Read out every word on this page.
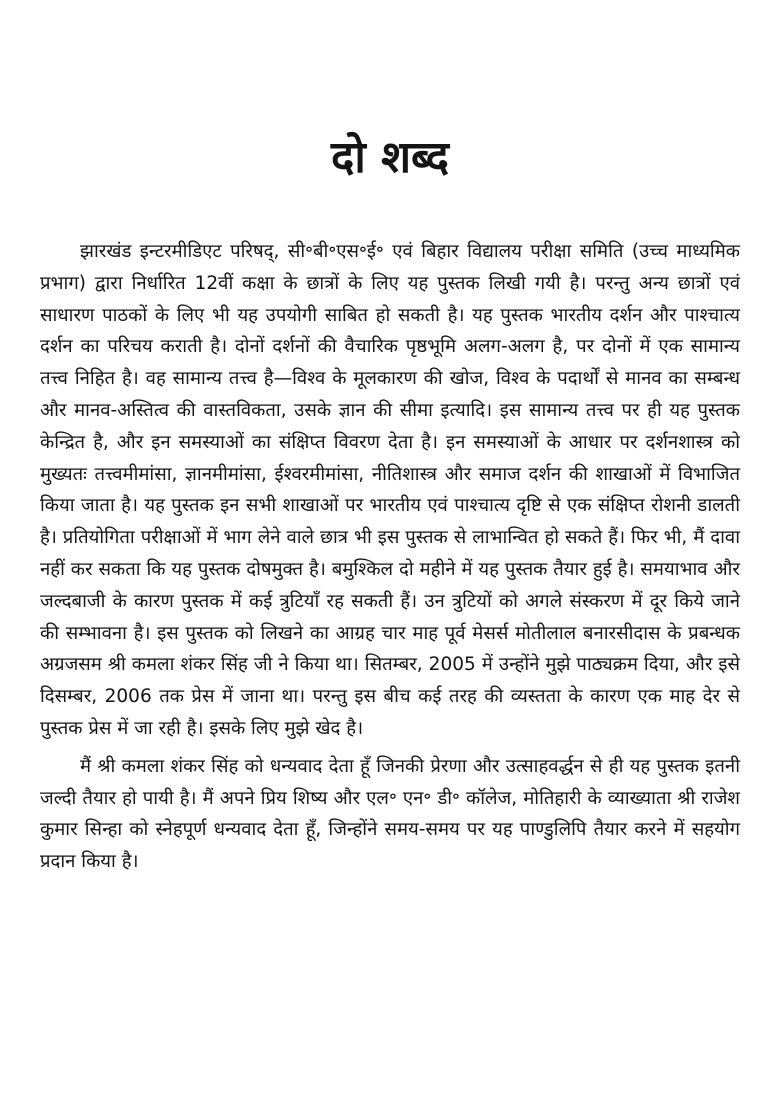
दो शब्द

झारखंड इन्टरमीडिएट परिषद्, सी॰बी॰एस॰ई॰ एवं बिहार विद्यालय परीक्षा समिति (उच्च माध्यमिक प्रभाग) द्वारा निर्धारित 12वीं कक्षा के छात्रों के लिए यह पुस्तक लिखी गयी है। परन्तु अन्य छात्रों एवं साधारण पाठकों के लिए भी यह उपयोगी साबित हो सकती है। यह पुस्तक भारतीय दर्शन और पाश्चात्य दर्शन का परिचय कराती है। दोनों दर्शनों की वैचारिक पृष्ठभूमि अलग-अलग है, पर दोनों में एक सामान्य तत्त्व निहित है। वह सामान्य तत्त्व है—विश्व के मूलकारण की खोज, विश्व के पदार्थों से मानव का सम्बन्ध और मानव-अस्तित्व की वास्तविकता, उसके ज्ञान की सीमा इत्यादि। इस सामान्य तत्त्व पर ही यह पुस्तक केन्द्रित है, और इन समस्याओं का संक्षिप्त विवरण देता है। इन समस्याओं के आधार पर दर्शनशास्त्र को मुख्यतः तत्त्वमीमांसा, ज्ञानमीमांसा, ईश्वरमीमांसा, नीतिशास्त्र और समाज दर्शन की शाखाओं में विभाजित किया जाता है। यह पुस्तक इन सभी शाखाओं पर भारतीय एवं पाश्चात्य दृष्टि से एक संक्षिप्त रोशनी डालती है। प्रतियोगिता परीक्षाओं में भाग लेने वाले छात्र भी इस पुस्तक से लाभान्वित हो सकते हैं। फिर भी, मैं दावा नहीं कर सकता कि यह पुस्तक दोषमुक्त है। बमुश्किल दो महीने में यह पुस्तक तैयार हुई है। समयाभाव और जल्दबाजी के कारण पुस्तक में कई त्रुटियाँ रह सकती हैं। उन त्रुटियों को अगले संस्करण में दूर किये जाने की सम्भावना है। इस पुस्तक को लिखने का आग्रह चार माह पूर्व मेसर्स मोतीलाल बनारसीदास के प्रबन्धक अग्रजसम श्री कमला शंकर सिंह जी ने किया था। सितम्बर, 2005 में उन्होंने मुझे पाठ्यक्रम दिया, और इसे दिसम्बर, 2006 तक प्रेस में जाना था। परन्तु इस बीच कई तरह की व्यस्तता के कारण एक माह देर से पुस्तक प्रेस में जा रही है। इसके लिए मुझे खेद है।

मैं श्री कमला शंकर सिंह को धन्यवाद देता हूँ जिनकी प्रेरणा और उत्साहवर्द्धन से ही यह पुस्तक इतनी जल्दी तैयार हो पायी है। मैं अपने प्रिय शिष्य और एल॰ एन॰ डी॰ कॉलेज, मोतिहारी के व्याख्याता श्री राजेश कुमार सिन्हा को स्नेहपूर्ण धन्यवाद देता हूँ, जिन्होंने समय-समय पर यह पाण्डुलिपि तैयार करने में सहयोग प्रदान किया है।
